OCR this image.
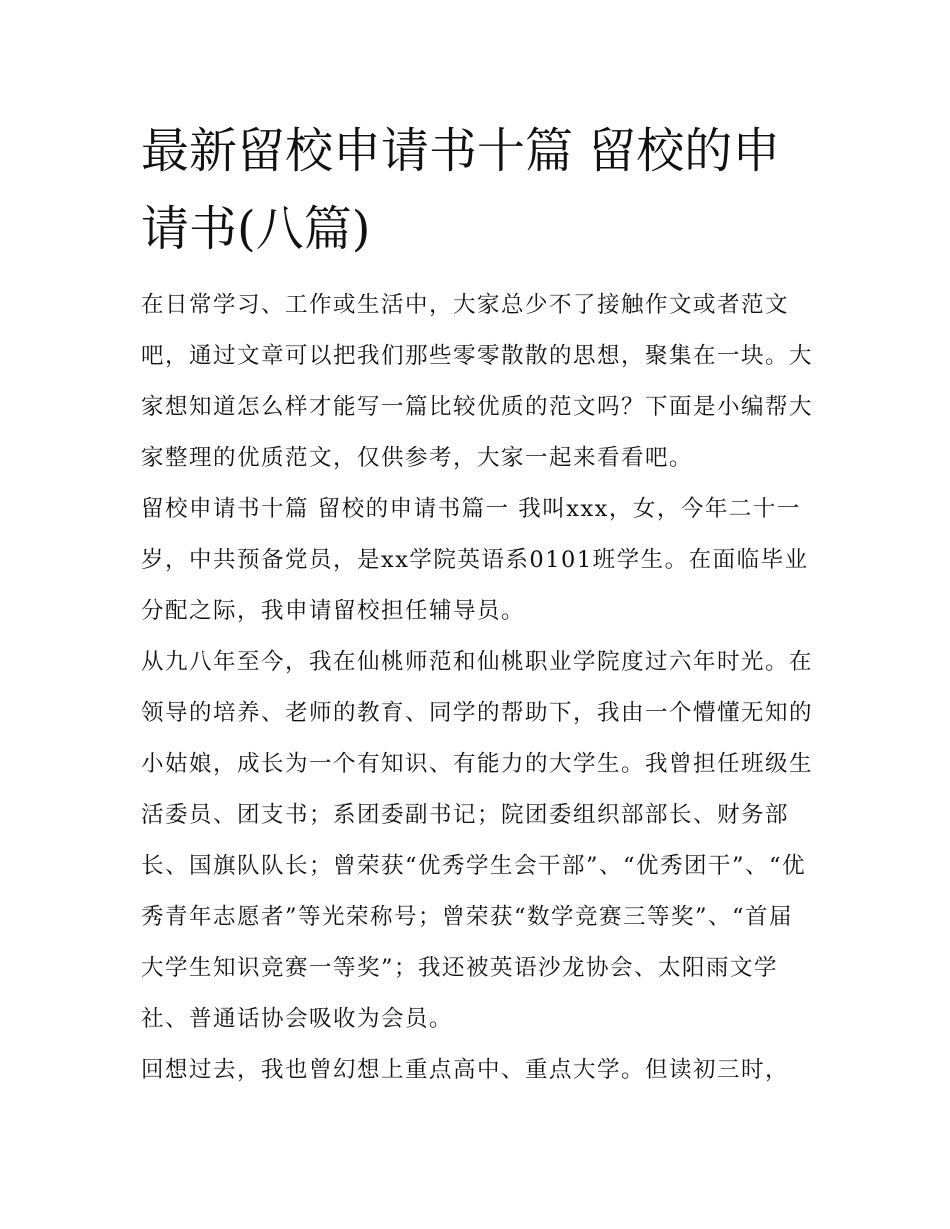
最新留校申请书十篇 留校的申请书(八篇)

在日常学习、工作或生活中，大家总少不了接触作文或者范文吧，通过文章可以把我们那些零零散散的思想，聚集在一块。大家想知道怎么样才能写一篇比较优质的范文吗？下面是小编帮大家整理的优质范文，仅供参考，大家一起来看看吧。

留校申请书十篇 留校的申请书篇一 我叫xxx，女，今年二十一岁，中共预备党员，是xx学院英语系0101班学生。在面临毕业分配之际，我申请留校担任辅导员。

从九八年至今，我在仙桃师范和仙桃职业学院度过六年时光。在领导的培养、老师的教育、同学的帮助下，我由一个懵懂无知的小姑娘，成长为一个有知识、有能力的大学生。我曾担任班级生活委员、团支书；系团委副书记；院团委组织部部长、财务部长、国旗队队长；曾荣获“优秀学生会干部”、“优秀团干”、“优秀青年志愿者”等光荣称号；曾荣获“数学竞赛三等奖”、“首届大学生知识竞赛一等奖”；我还被英语沙龙协会、太阳雨文学社、普通话协会吸收为会员。

回想过去，我也曾幻想上重点高中、重点大学。但读初三时，
